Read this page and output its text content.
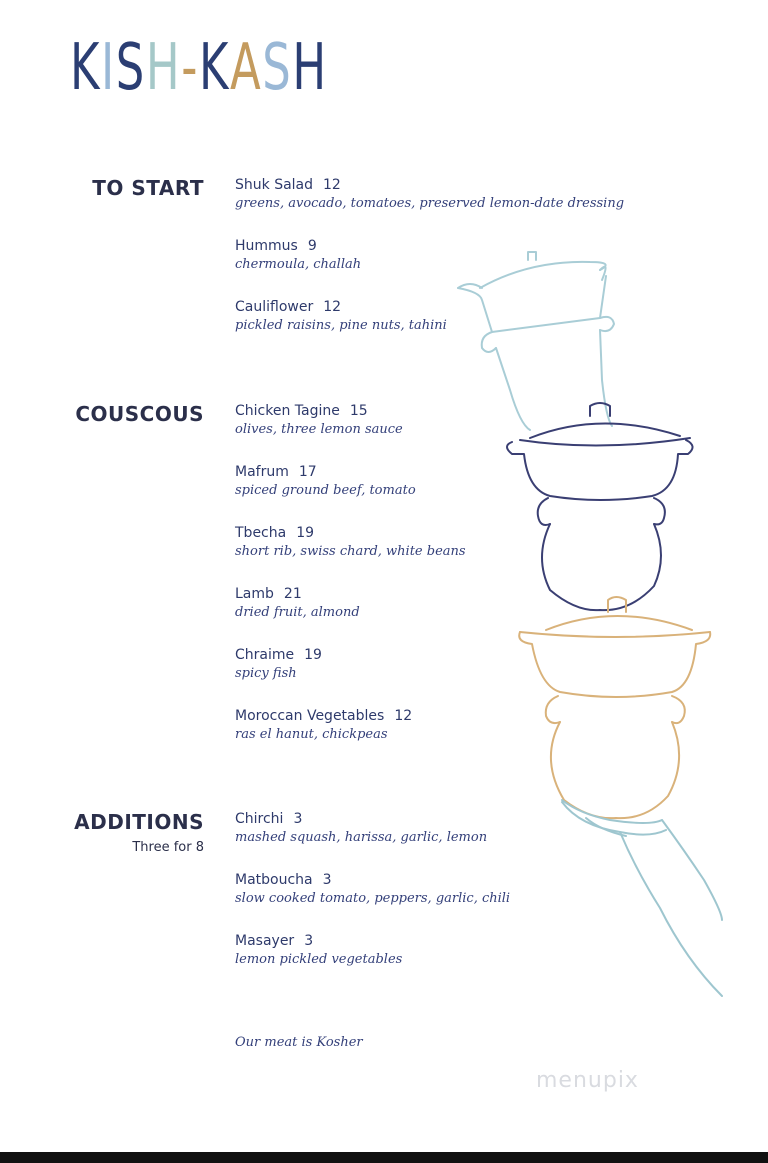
KISH-KASH
TO START Shuk Salad 12
greens, avocado, tomatoes, preserved lemon-date dressing
Hummus 9
chermoula, challah
Cauliflower 12
pickled raisins, pine nuts, tahini
COUSCOUS Chicken Tagine 15
olives, three lemon sauce
Mafrum 17
spiced ground beef, tomato
Tbecha 19
short rib, swiss chard, white beans
Lamb 21
dried fruit, almond
Chraime 19
spicy fish
Moroccan Vegetables 12
ras el hanut, chickpeas
ADDITIONS
Three for 8
Chirchi 3
mashed squash, harissa, garlic, lemon
Matboucha 3
slow cooked tomato, peppers, garlic, chili
Masayer 3
lemon pickled vegetables
Our meat is Kosher
menupix
